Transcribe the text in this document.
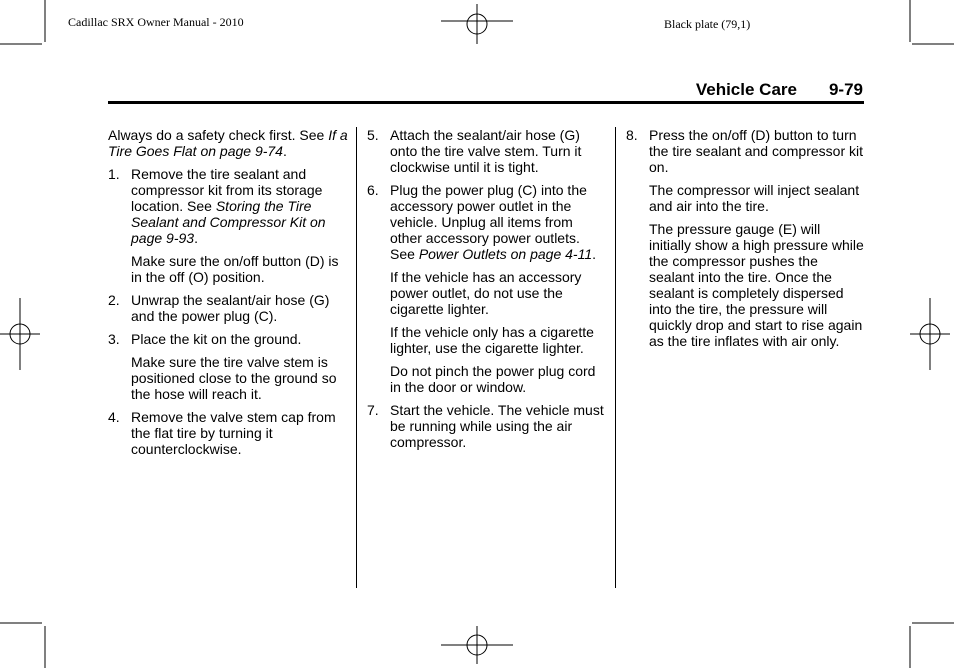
Cadillac SRX Owner Manual - 2010	Black plate (79,1)
Vehicle Care 9-79

Always do a safety check first. See If a Tire Goes Flat on page 9-74.

1. Remove the tire sealant and compressor kit from its storage location. See Storing the Tire Sealant and Compressor Kit on page 9-93.
Make sure the on/off button (D) is in the off (O) position.
2. Unwrap the sealant/air hose (G) and the power plug (C).
3. Place the kit on the ground.
Make sure the tire valve stem is positioned close to the ground so the hose will reach it.
4. Remove the valve stem cap from the flat tire by turning it counterclockwise.
5. Attach the sealant/air hose (G) onto the tire valve stem. Turn it clockwise until it is tight.
6. Plug the power plug (C) into the accessory power outlet in the vehicle. Unplug all items from other accessory power outlets. See Power Outlets on page 4-11.
If the vehicle has an accessory power outlet, do not use the cigarette lighter.
If the vehicle only has a cigarette lighter, use the cigarette lighter.
Do not pinch the power plug cord in the door or window.
7. Start the vehicle. The vehicle must be running while using the air compressor.
8. Press the on/off (D) button to turn the tire sealant and compressor kit on.
The compressor will inject sealant and air into the tire.
The pressure gauge (E) will initially show a high pressure while the compressor pushes the sealant into the tire. Once the sealant is completely dispersed into the tire, the pressure will quickly drop and start to rise again as the tire inflates with air only.
